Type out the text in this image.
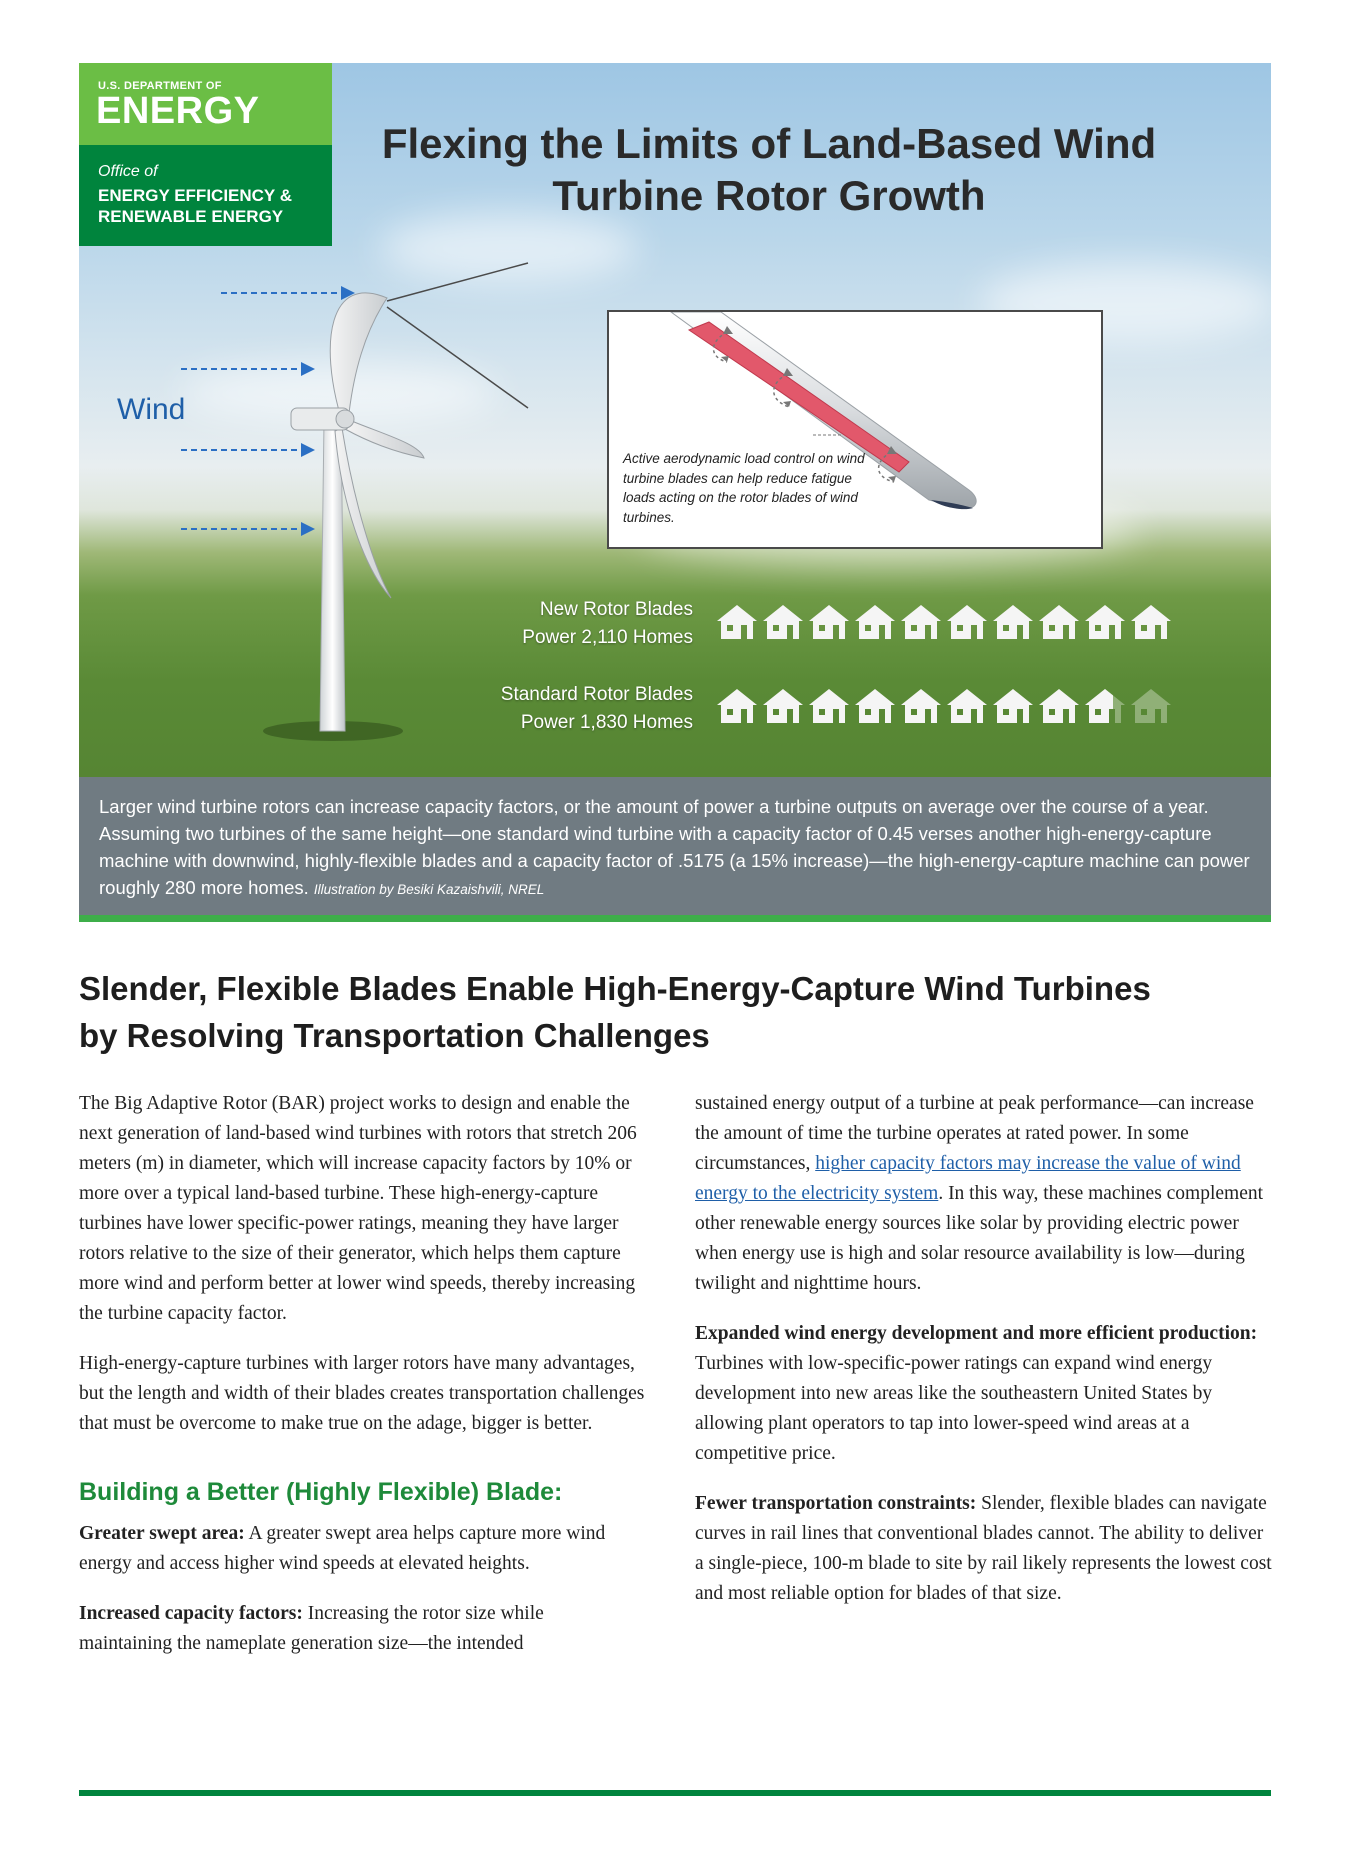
U.S. DEPARTMENT OF
ENERGY
Office of
ENERGY EFFICIENCY & RENEWABLE ENERGY
Flexing the Limits of Land-Based Wind Turbine Rotor Growth
Wind
Active aerodynamic load control on wind turbine blades can help reduce fatigue loads acting on the rotor blades of wind turbines.
New Rotor Blades
Power 2,110 Homes
Standard Rotor Blades
Power 1,830 Homes
Larger wind turbine rotors can increase capacity factors, or the amount of power a turbine outputs on average over the course of a year. Assuming two turbines of the same height—one standard wind turbine with a capacity factor of 0.45 verses another high-energy-capture machine with downwind, highly-flexible blades and a capacity factor of .5175 (a 15% increase)—the high-energy-capture machine can power roughly 280 more homes. Illustration by Besiki Kazaishvili, NREL
Slender, Flexible Blades Enable High-Energy-Capture Wind Turbines by Resolving Transportation Challenges

The Big Adaptive Rotor (BAR) project works to design and enable the next generation of land-based wind turbines with rotors that stretch 206 meters (m) in diameter, which will increase capacity factors by 10% or more over a typical land-based turbine. These high-energy-capture turbines have lower specific-power ratings, meaning they have larger rotors relative to the size of their generator, which helps them capture more wind and perform better at lower wind speeds, thereby increasing the turbine capacity factor.

High-energy-capture turbines with larger rotors have many advantages, but the length and width of their blades creates transportation challenges that must be overcome to make true on the adage, bigger is better.

Building a Better (Highly Flexible) Blade:

Greater swept area: A greater swept area helps capture more wind energy and access higher wind speeds at elevated heights.

Increased capacity factors: Increasing the rotor size while maintaining the nameplate generation size—the intended

sustained energy output of a turbine at peak performance—can increase the amount of time the turbine operates at rated power. In some circumstances, higher capacity factors may increase the value of wind energy to the electricity system. In this way, these machines complement other renewable energy sources like solar by providing electric power when energy use is high and solar resource availability is low—during twilight and nighttime hours.

Expanded wind energy development and more efficient production: Turbines with low-specific-power ratings can expand wind energy development into new areas like the southeastern United States by allowing plant operators to tap into lower-speed wind areas at a competitive price.

Fewer transportation constraints: Slender, flexible blades can navigate curves in rail lines that conventional blades cannot. The ability to deliver a single-piece, 100-m blade to site by rail likely represents the lowest cost and most reliable option for blades of that size.
